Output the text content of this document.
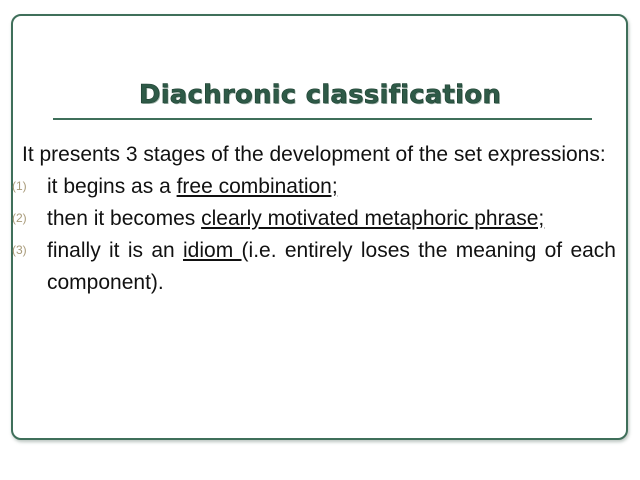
Diachronic classification

It presents 3 stages of the development of the set expressions:

(1) it begins as a free combination;

(2) then it becomes clearly motivated metaphoric phrase;

(3) finally it is an idiom (i.e. entirely loses the meaning of each component).
